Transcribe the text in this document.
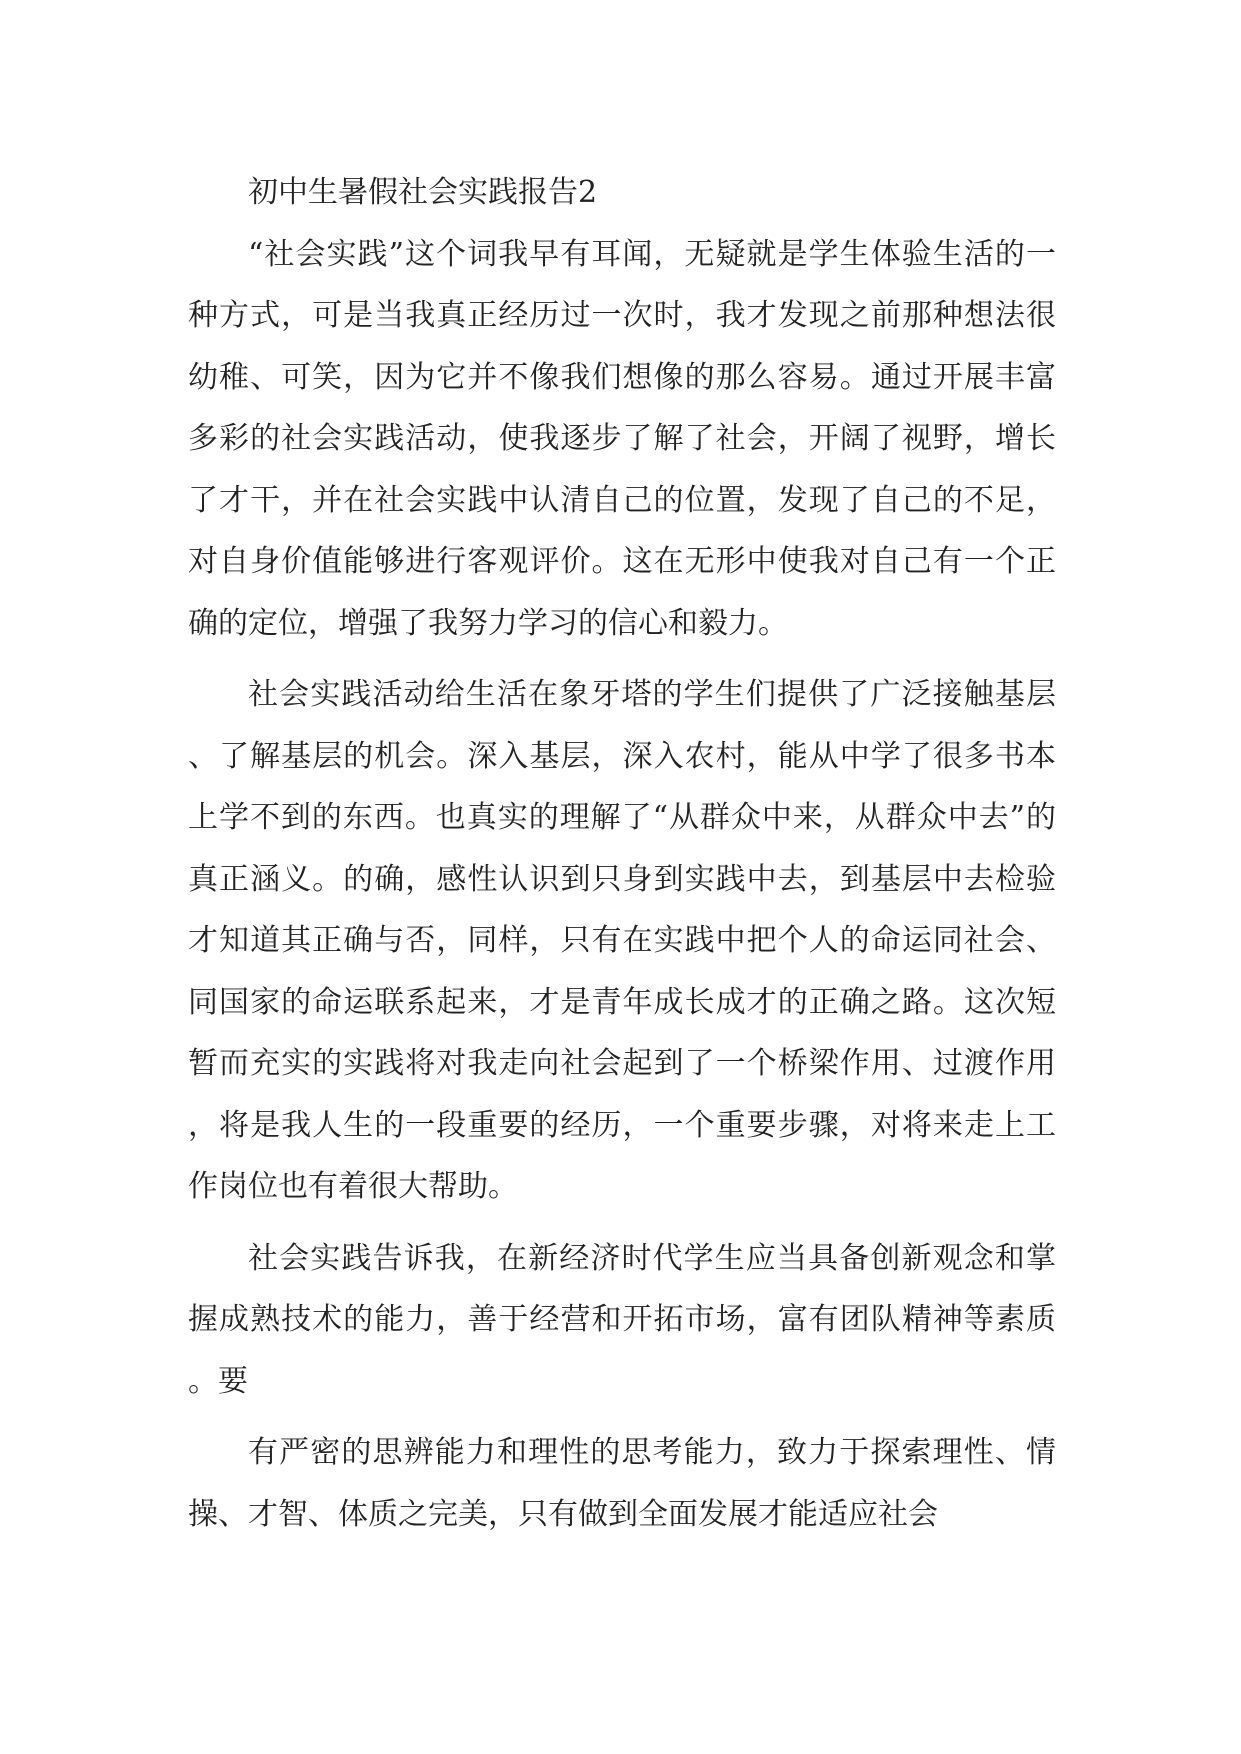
初中生暑假社会实践报告2

“社会实践”这个词我早有耳闻，无疑就是学生体验生活的一种方式，可是当我真正经历过一次时，我才发现之前那种想法很幼稚、可笑，因为它并不像我们想像的那么容易。通过开展丰富多彩的社会实践活动，使我逐步了解了社会，开阔了视野，增长了才干，并在社会实践中认清自己的位置，发现了自己的不足，对自身价值能够进行客观评价。这在无形中使我对自己有一个正确的定位，增强了我努力学习的信心和毅力。

社会实践活动给生活在象牙塔的学生们提供了广泛接触基层、了解基层的机会。深入基层，深入农村，能从中学了很多书本上学不到的东西。也真实的理解了“从群众中来，从群众中去”的真正涵义。的确，感性认识到只身到实践中去，到基层中去检验才知道其正确与否，同样，只有在实践中把个人的命运同社会、同国家的命运联系起来，才是青年成长成才的正确之路。这次短暂而充实的实践将对我走向社会起到了一个桥梁作用、过渡作用，将是我人生的一段重要的经历，一个重要步骤，对将来走上工作岗位也有着很大帮助。

社会实践告诉我，在新经济时代学生应当具备创新观念和掌握成熟技术的能力，善于经营和开拓市场，富有团队精神等素质。要

有严密的思辨能力和理性的思考能力，致力于探索理性、情操、才智、体质之完美，只有做到全面发展才能适应社会
